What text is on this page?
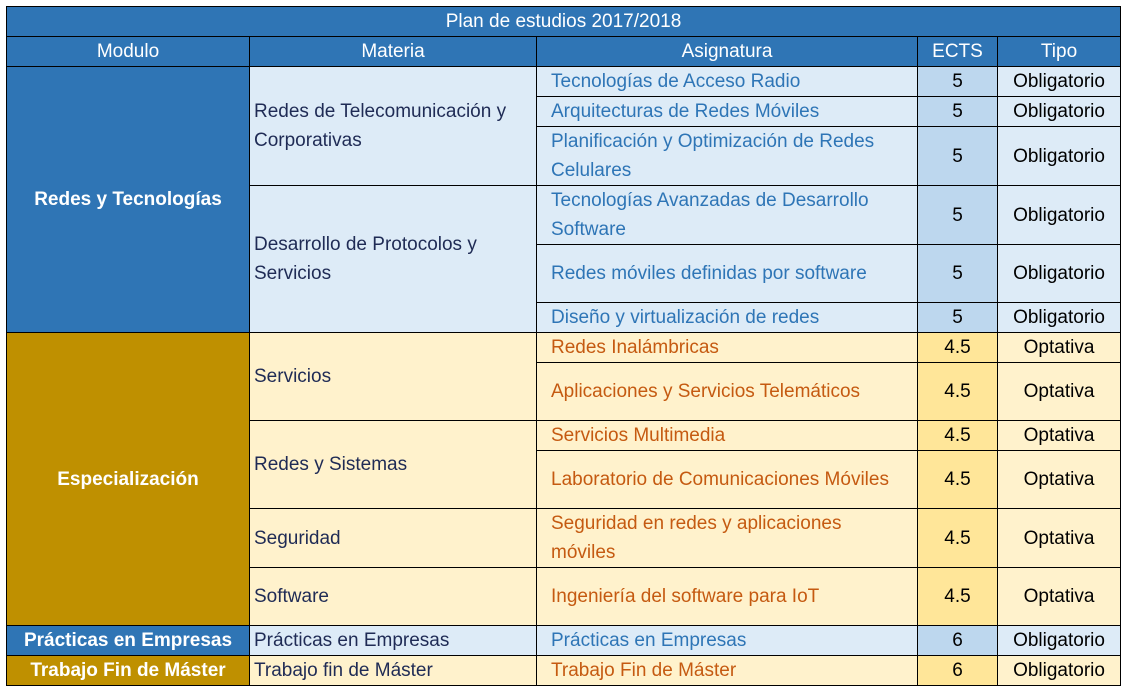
Plan de estudios 2017/2018				
Modulo	Materia	Asignatura	ECTS	Tipo
Redes y Tecnologías	Redes de Telecomunicación y Corporativas	Tecnologías de Acceso Radio	5	Obligatorio
		Arquitecturas de Redes Móviles	5	Obligatorio
		Planificación y Optimización de Redes Celulares	5	Obligatorio
	Desarrollo de Protocolos y Servicios	Tecnologías Avanzadas de Desarrollo Software	5	Obligatorio
		Redes móviles definidas por software	5	Obligatorio
		Diseño y virtualización de redes	5	Obligatorio
Especialización	Servicios	Redes Inalámbricas	4.5	Optativa
		Aplicaciones y Servicios Telemáticos	4.5	Optativa
	Redes y Sistemas	Servicios Multimedia	4.5	Optativa
		Laboratorio de Comunicaciones Móviles	4.5	Optativa
	Seguridad	Seguridad en redes y aplicaciones móviles	4.5	Optativa
	Software	Ingeniería del software para IoT	4.5	Optativa
Prácticas en Empresas	Prácticas en Empresas	Prácticas en Empresas	6	Obligatorio
Trabajo Fin de Máster	Trabajo fin de Máster	Trabajo Fin de Máster	6	Obligatorio
